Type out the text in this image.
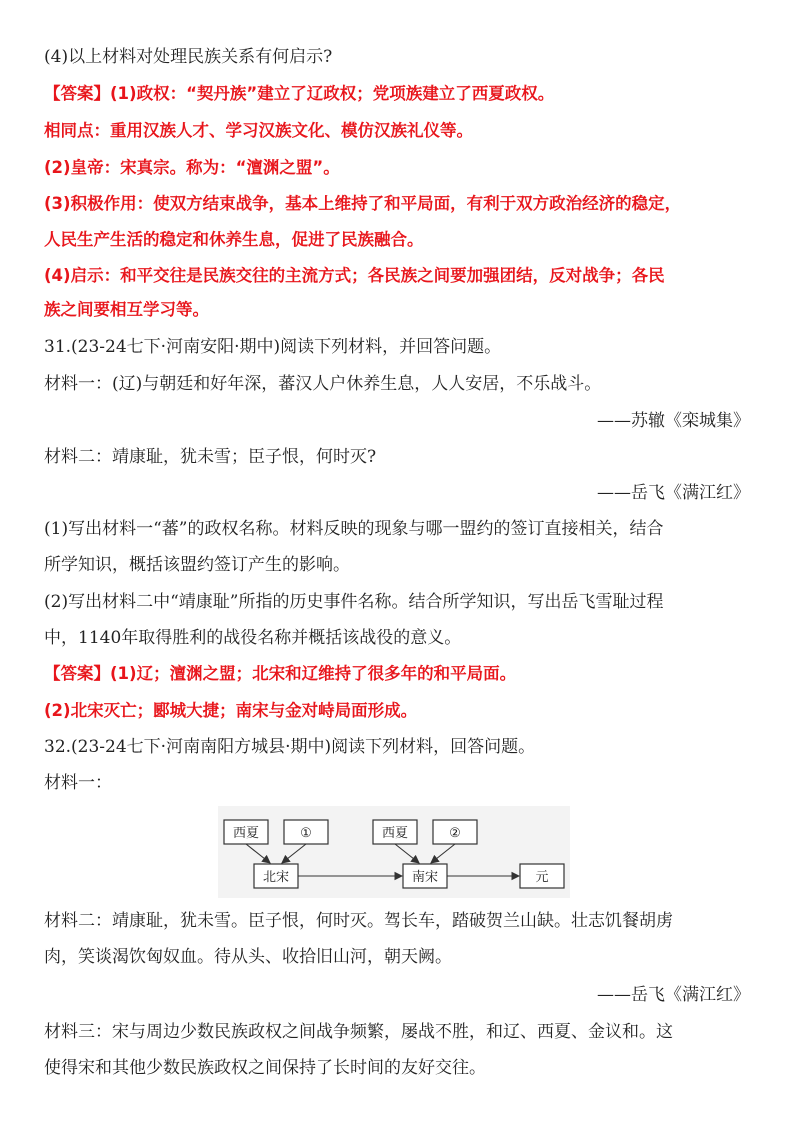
(4)以上材料对处理民族关系有何启示?
【答案】(1)政权：“契丹族”建立了辽政权；党项族建立了西夏政权。
相同点：重用汉族人才、学习汉族文化、模仿汉族礼仪等。
(2)皇帝：宋真宗。称为：“澶渊之盟”。
(3)积极作用：使双方结束战争，基本上维持了和平局面，有利于双方政治经济的稳定，
人民生产生活的稳定和休养生息，促进了民族融合。
(4)启示：和平交往是民族交往的主流方式；各民族之间要加强团结，反对战争；各民
族之间要相互学习等。
31.(23-24七下·河南安阳·期中)阅读下列材料，并回答问题。
材料一：(辽)与朝廷和好年深，蕃汉人户休养生息，人人安居，不乐战斗。
——苏辙《栾城集》
材料二：靖康耻，犹未雪；臣子恨，何时灭?
——岳飞《满江红》
(1)写出材料一“蕃”的政权名称。材料反映的现象与哪一盟约的签订直接相关，结合
所学知识，概括该盟约签订产生的影响。
(2)写出材料二中“靖康耻”所指的历史事件名称。结合所学知识，写出岳飞雪耻过程
中，1140年取得胜利的战役名称并概括该战役的意义。
【答案】(1)辽；澶渊之盟；北宋和辽维持了很多年的和平局面。
(2)北宋灭亡；郾城大捷；南宋与金对峙局面形成。
32.(23-24七下·河南南阳方城县·期中)阅读下列材料，回答问题。
材料一：
西夏	①	西夏	②
北宋	南宋	元
材料二：靖康耻，犹未雪。臣子恨，何时灭。驾长车，踏破贺兰山缺。壮志饥餐胡虏
肉，笑谈渴饮匈奴血。待从头、收拾旧山河，朝天阙。
——岳飞《满江红》
材料三：宋与周边少数民族政权之间战争频繁，屡战不胜，和辽、西夏、金议和。这
使得宋和其他少数民族政权之间保持了长时间的友好交往。
